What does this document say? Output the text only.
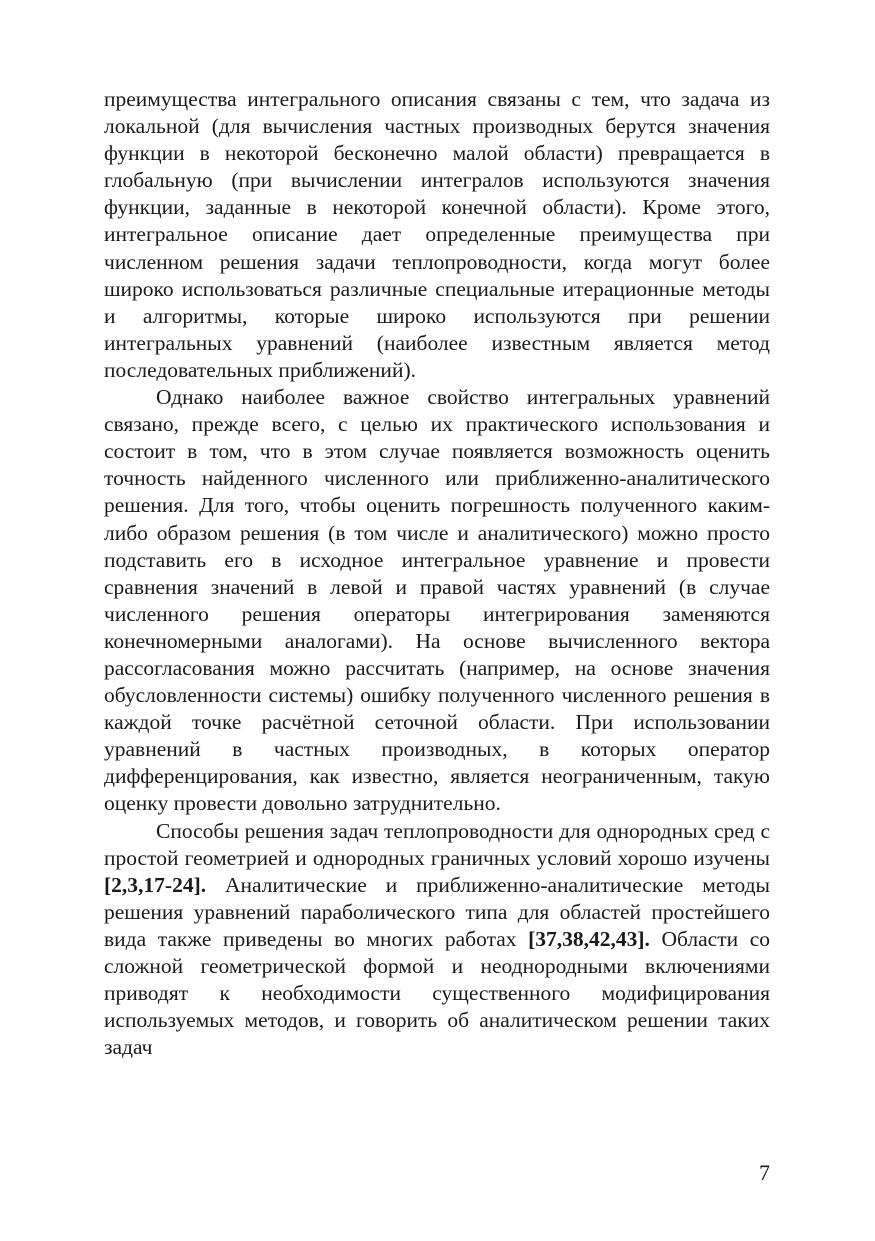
преимущества интегрального описания связаны с тем, что задача из локальной (для вычисления частных производных берутся значения функции в некоторой бесконечно малой области) превращается в глобальную (при вычислении интегралов используются значения функции, заданные в некоторой конечной области). Кроме этого, интегральное описание дает определенные преимущества при численном решения задачи теплопроводности, когда могут более широко использоваться различные специальные итерационные методы и алгоритмы, которые широко используются при решении интегральных уравнений (наиболее известным является метод последовательных приближений).

Однако наиболее важное свойство интегральных уравнений связано, прежде всего, с целью их практического использования и состоит в том, что в этом случае появляется возможность оценить точность найденного численного или приближенно-аналитического решения. Для того, чтобы оценить погрешность полученного каким-либо образом решения (в том числе и аналитического) можно просто подставить его в исходное интегральное уравнение и провести сравнения значений в левой и правой частях уравнений (в случае численного решения операторы интегрирования заменяются конечномерными аналогами). На основе вычисленного вектора рассогласования можно рассчитать (например, на основе значения обусловленности системы) ошибку полученного численного решения в каждой точке расчётной сеточной области. При использовании уравнений в частных производных, в которых оператор дифференцирования, как известно, является неограниченным, такую оценку провести довольно затруднительно.

Способы решения задач теплопроводности для однородных сред с простой геометрией и однородных граничных условий хорошо изучены [2,3,17-24]. Аналитические и приближенно-аналитические методы решения уравнений параболического типа для областей простейшего вида также приведены во многих работах [37,38,42,43]. Области со сложной геометрической формой и неоднородными включениями приводят к необходимости существенного модифицирования используемых методов, и говорить об аналитическом решении таких задач

7
